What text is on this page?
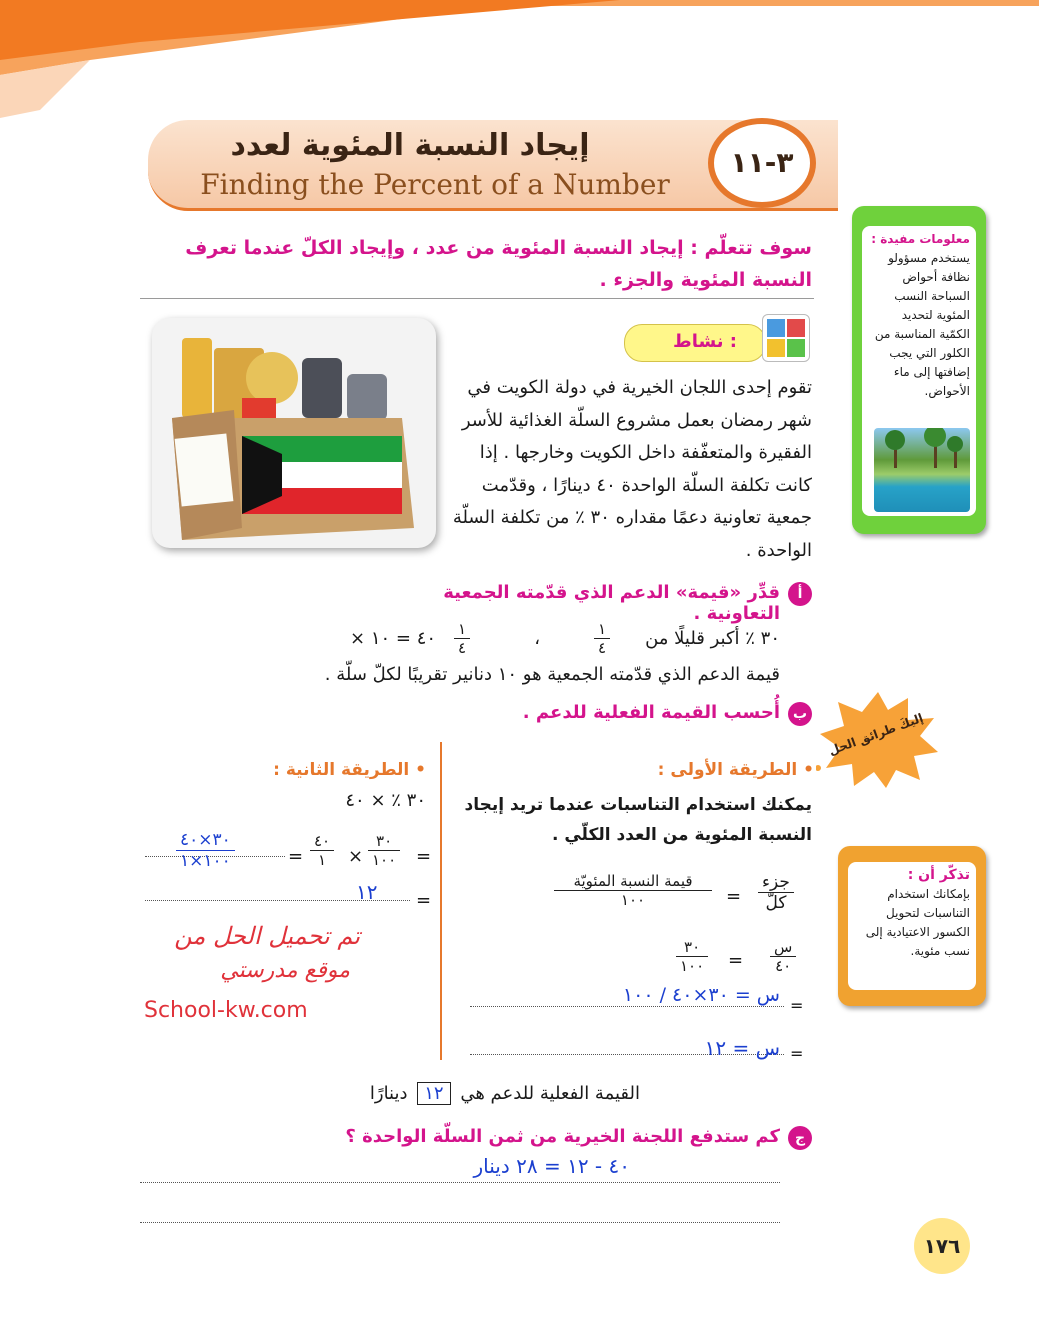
إيجاد النسبة المئوية لعدد
Finding the Percent of a Number
٣-١١
سوف تتعلّم : إيجاد النسبة المئوية من عدد ، وإيجاد الكلّ عندما تعرف النسبة المئوية والجزء .
معلومات مفيدة :
يستخدم مسؤولو نظافة أحواض السباحة النسب المئوية لتحديد الكمّية المناسبة من الكلور التي يجب إضافتها إلى ماء الأحواض.
نشاط :
تقوم إحدى اللجان الخيرية في دولة الكويت في شهر رمضان بعمل مشروع السلّة الغذائية للأسر الفقيرة والمتعفّفة داخل الكويت وخارجها . إذا كانت تكلفة السلّة الواحدة ٤٠ دينارًا ، وقدّمت جمعية تعاونية دعمًا مقداره ٣٠ ٪ من تكلفة السلّة الواحدة .
أ
قدِّر «قيمة» الدعم الذي قدّمته الجمعية التعاونية .
٣٠ ٪ أكبر قليلًا من
١
٤
،
١
٤
× ٤٠ = ١٠
قيمة الدعم الذي قدّمته الجمعية هو ١٠ دنانير تقريبًا لكلّ سلّة .
ب
أُحسب القيمة الفعلية للدعم .	إليكَ طرائق الحل
• الطريقة الأولى :
يمكنك استخدام التناسبات عندما تريد إيجاد النسبة المئوية من العدد الكلّي .
جزء
كلّ
=
قيمة النسبة المئويّة
١٠٠
س
٤٠
=
٣٠
١٠٠
=
س = ٣٠×٤٠ / ١٠٠
=
س = ١٢
• الطريقة الثانية :
٣٠ ٪ × ٤٠
=
٣٠
١٠٠
×
٤٠
١
=
٣٠×٤٠
١٠٠×١
=
١٢
تم تحميل الحل من
موقع مدرستي
School-kw.com
القيمة الفعلية للدعم هي ١٢ دينارًا
ج
كم ستدفع اللجنة الخيرية من ثمن السلّة الواحدة ؟
٤٠ - ١٢ = ٢٨ دينار
تذكّر أن :
بإمكانك استخدام التناسبات لتحويل الكسور الاعتيادية إلى نسب مئوية.
١٧٦
